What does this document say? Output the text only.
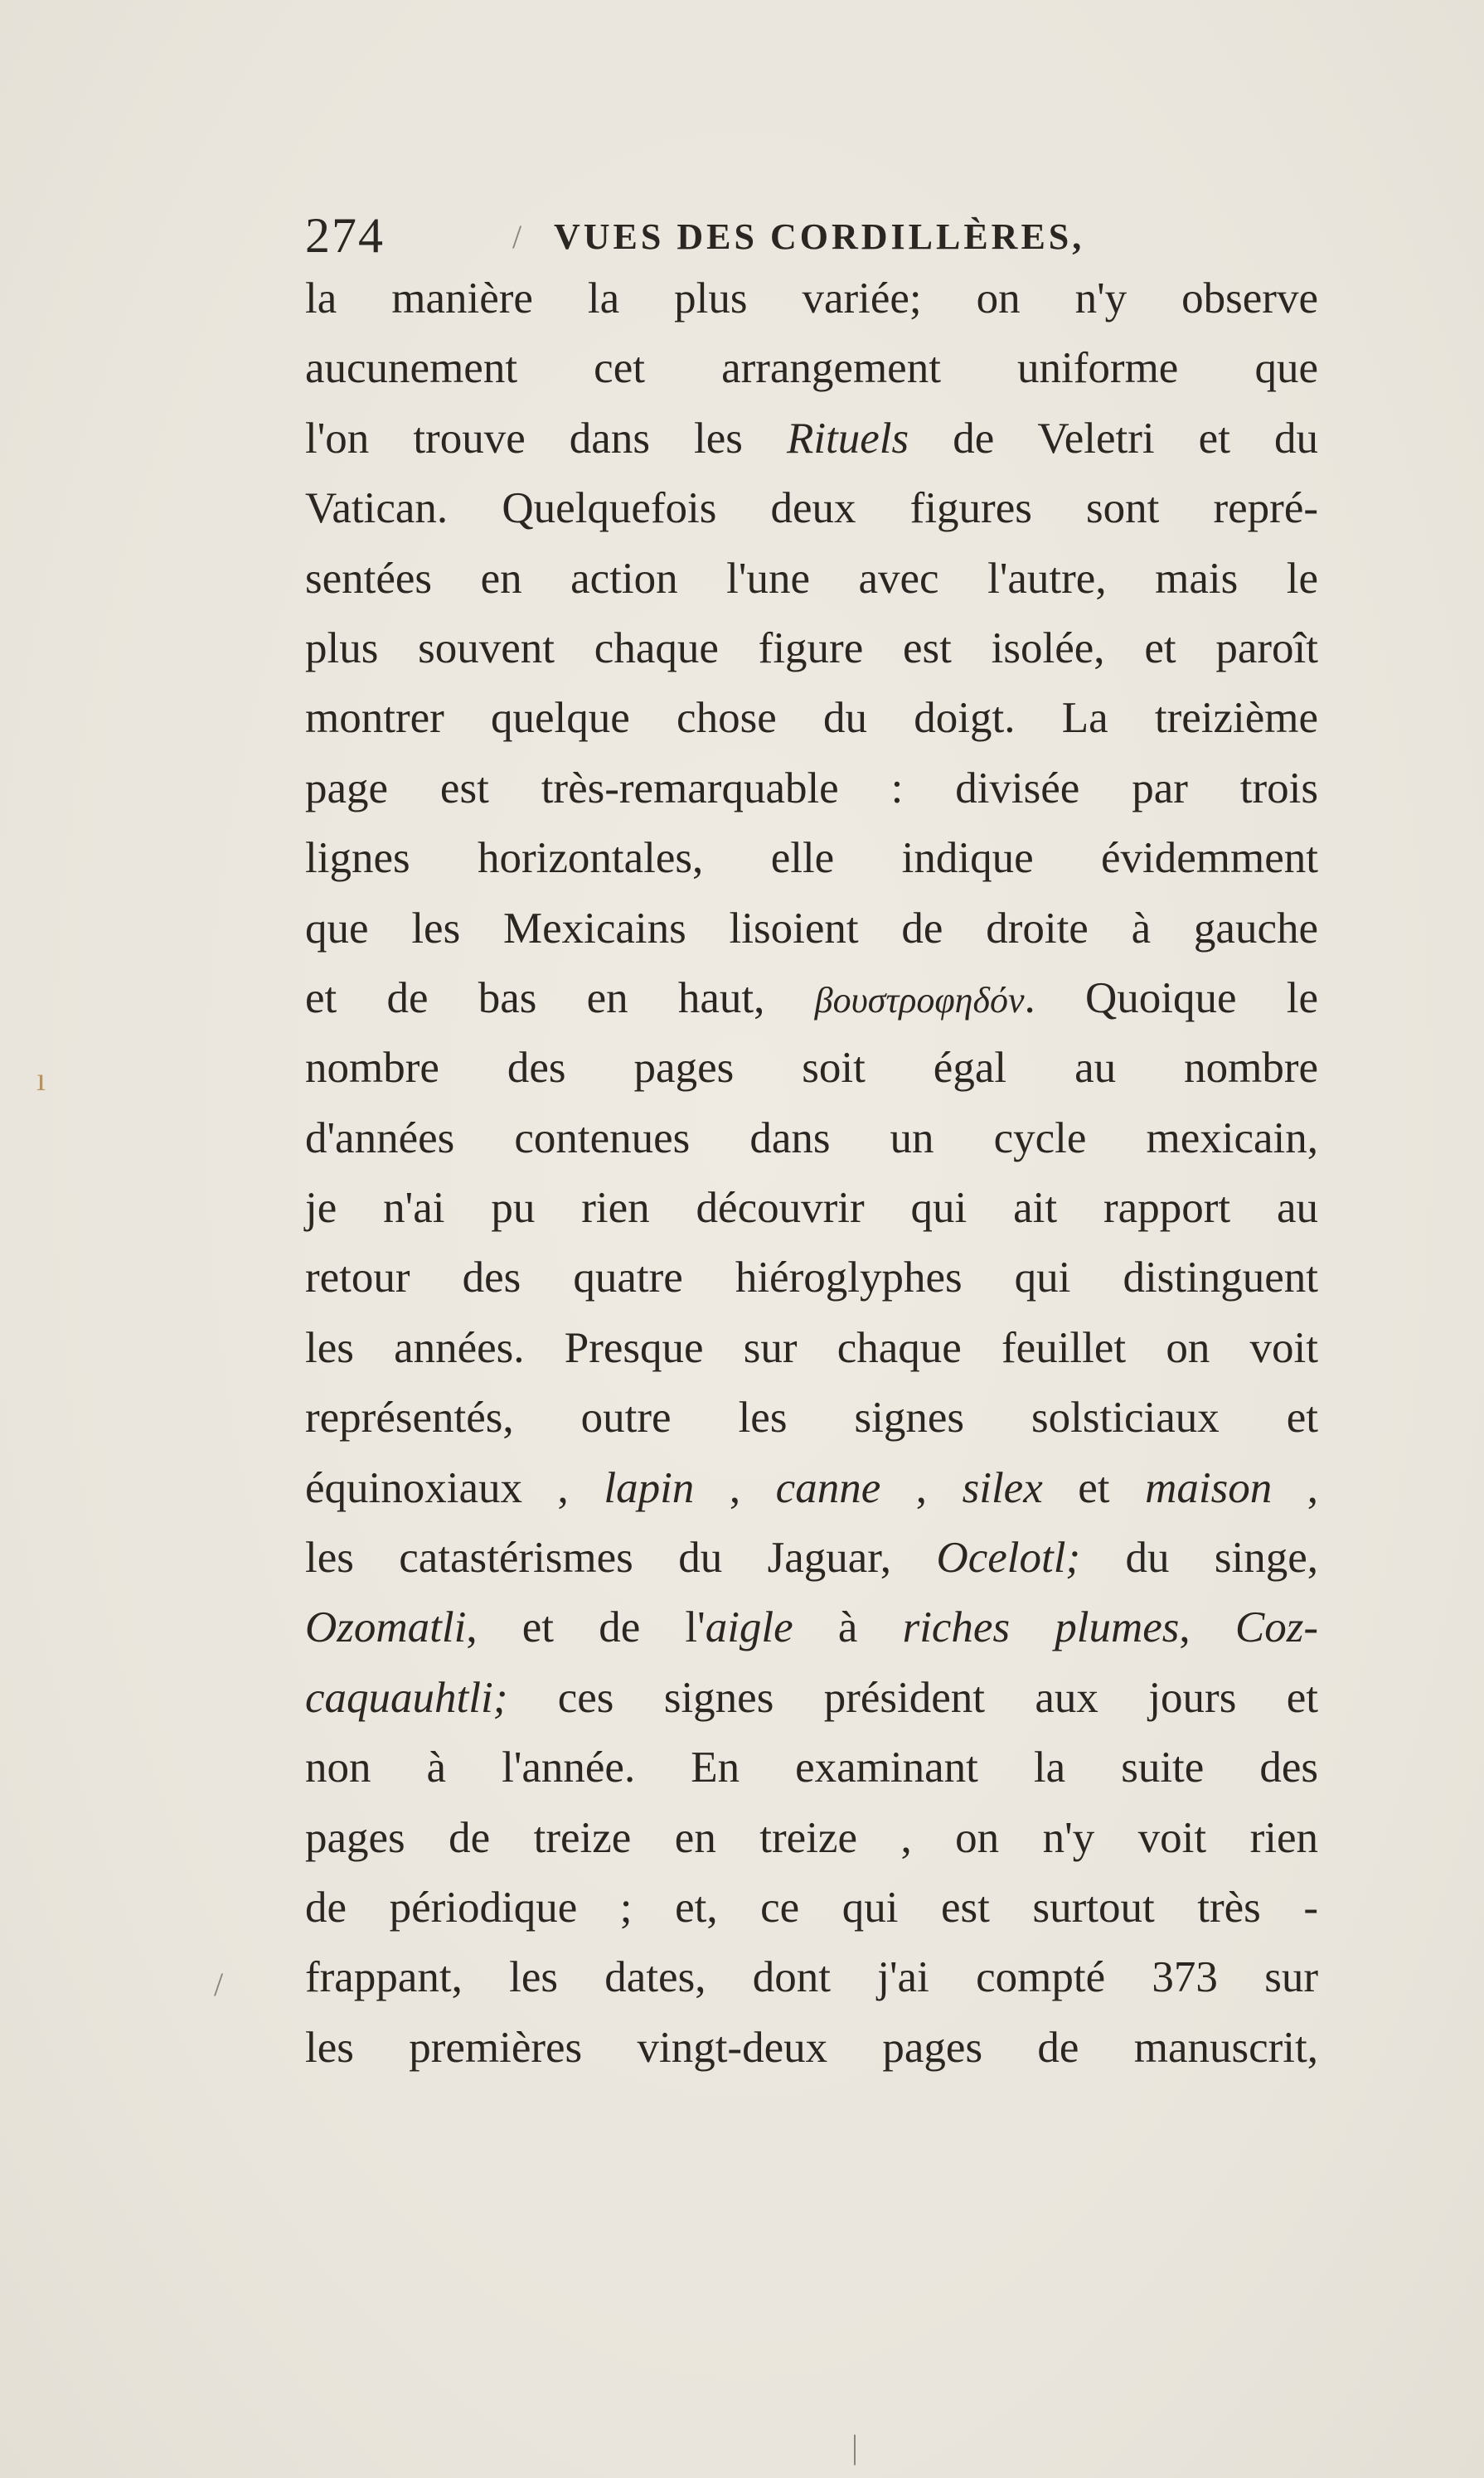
274	VUES DES CORDILLÈRES,
la manière la plus variée; on n'y observe
aucunement cet arrangement uniforme que
l'on trouve dans les Rituels de Veletri et du
Vatican. Quelquefois deux figures sont repré-
sentées en action l'une avec l'autre, mais le
plus souvent chaque figure est isolée, et paroît
montrer quelque chose du doigt. La treizième
page est très-remarquable : divisée par trois
lignes horizontales, elle indique évidemment
que les Mexicains lisoient de droite à gauche
et de bas en haut, βουστροφηδόν. Quoique le
nombre des pages soit égal au nombre
d'années contenues dans un cycle mexicain,
je n'ai pu rien découvrir qui ait rapport au
retour des quatre hiéroglyphes qui distinguent
les années. Presque sur chaque feuillet on voit
représentés, outre les signes solsticiaux et
équinoxiaux , lapin , canne , silex et maison ,
les catastérismes du Jaguar, Ocelotl; du singe,
Ozomatli, et de l'aigle à riches plumes, Coz-
caquauhtli; ces signes président aux jours et
non à l'année. En examinant la suite des
pages de treize en treize , on n'y voit rien
de périodique ; et, ce qui est surtout très -
frappant, les dates, dont j'ai compté 373 sur
les premières vingt-deux pages de manuscrit,
/
ı
/
|
